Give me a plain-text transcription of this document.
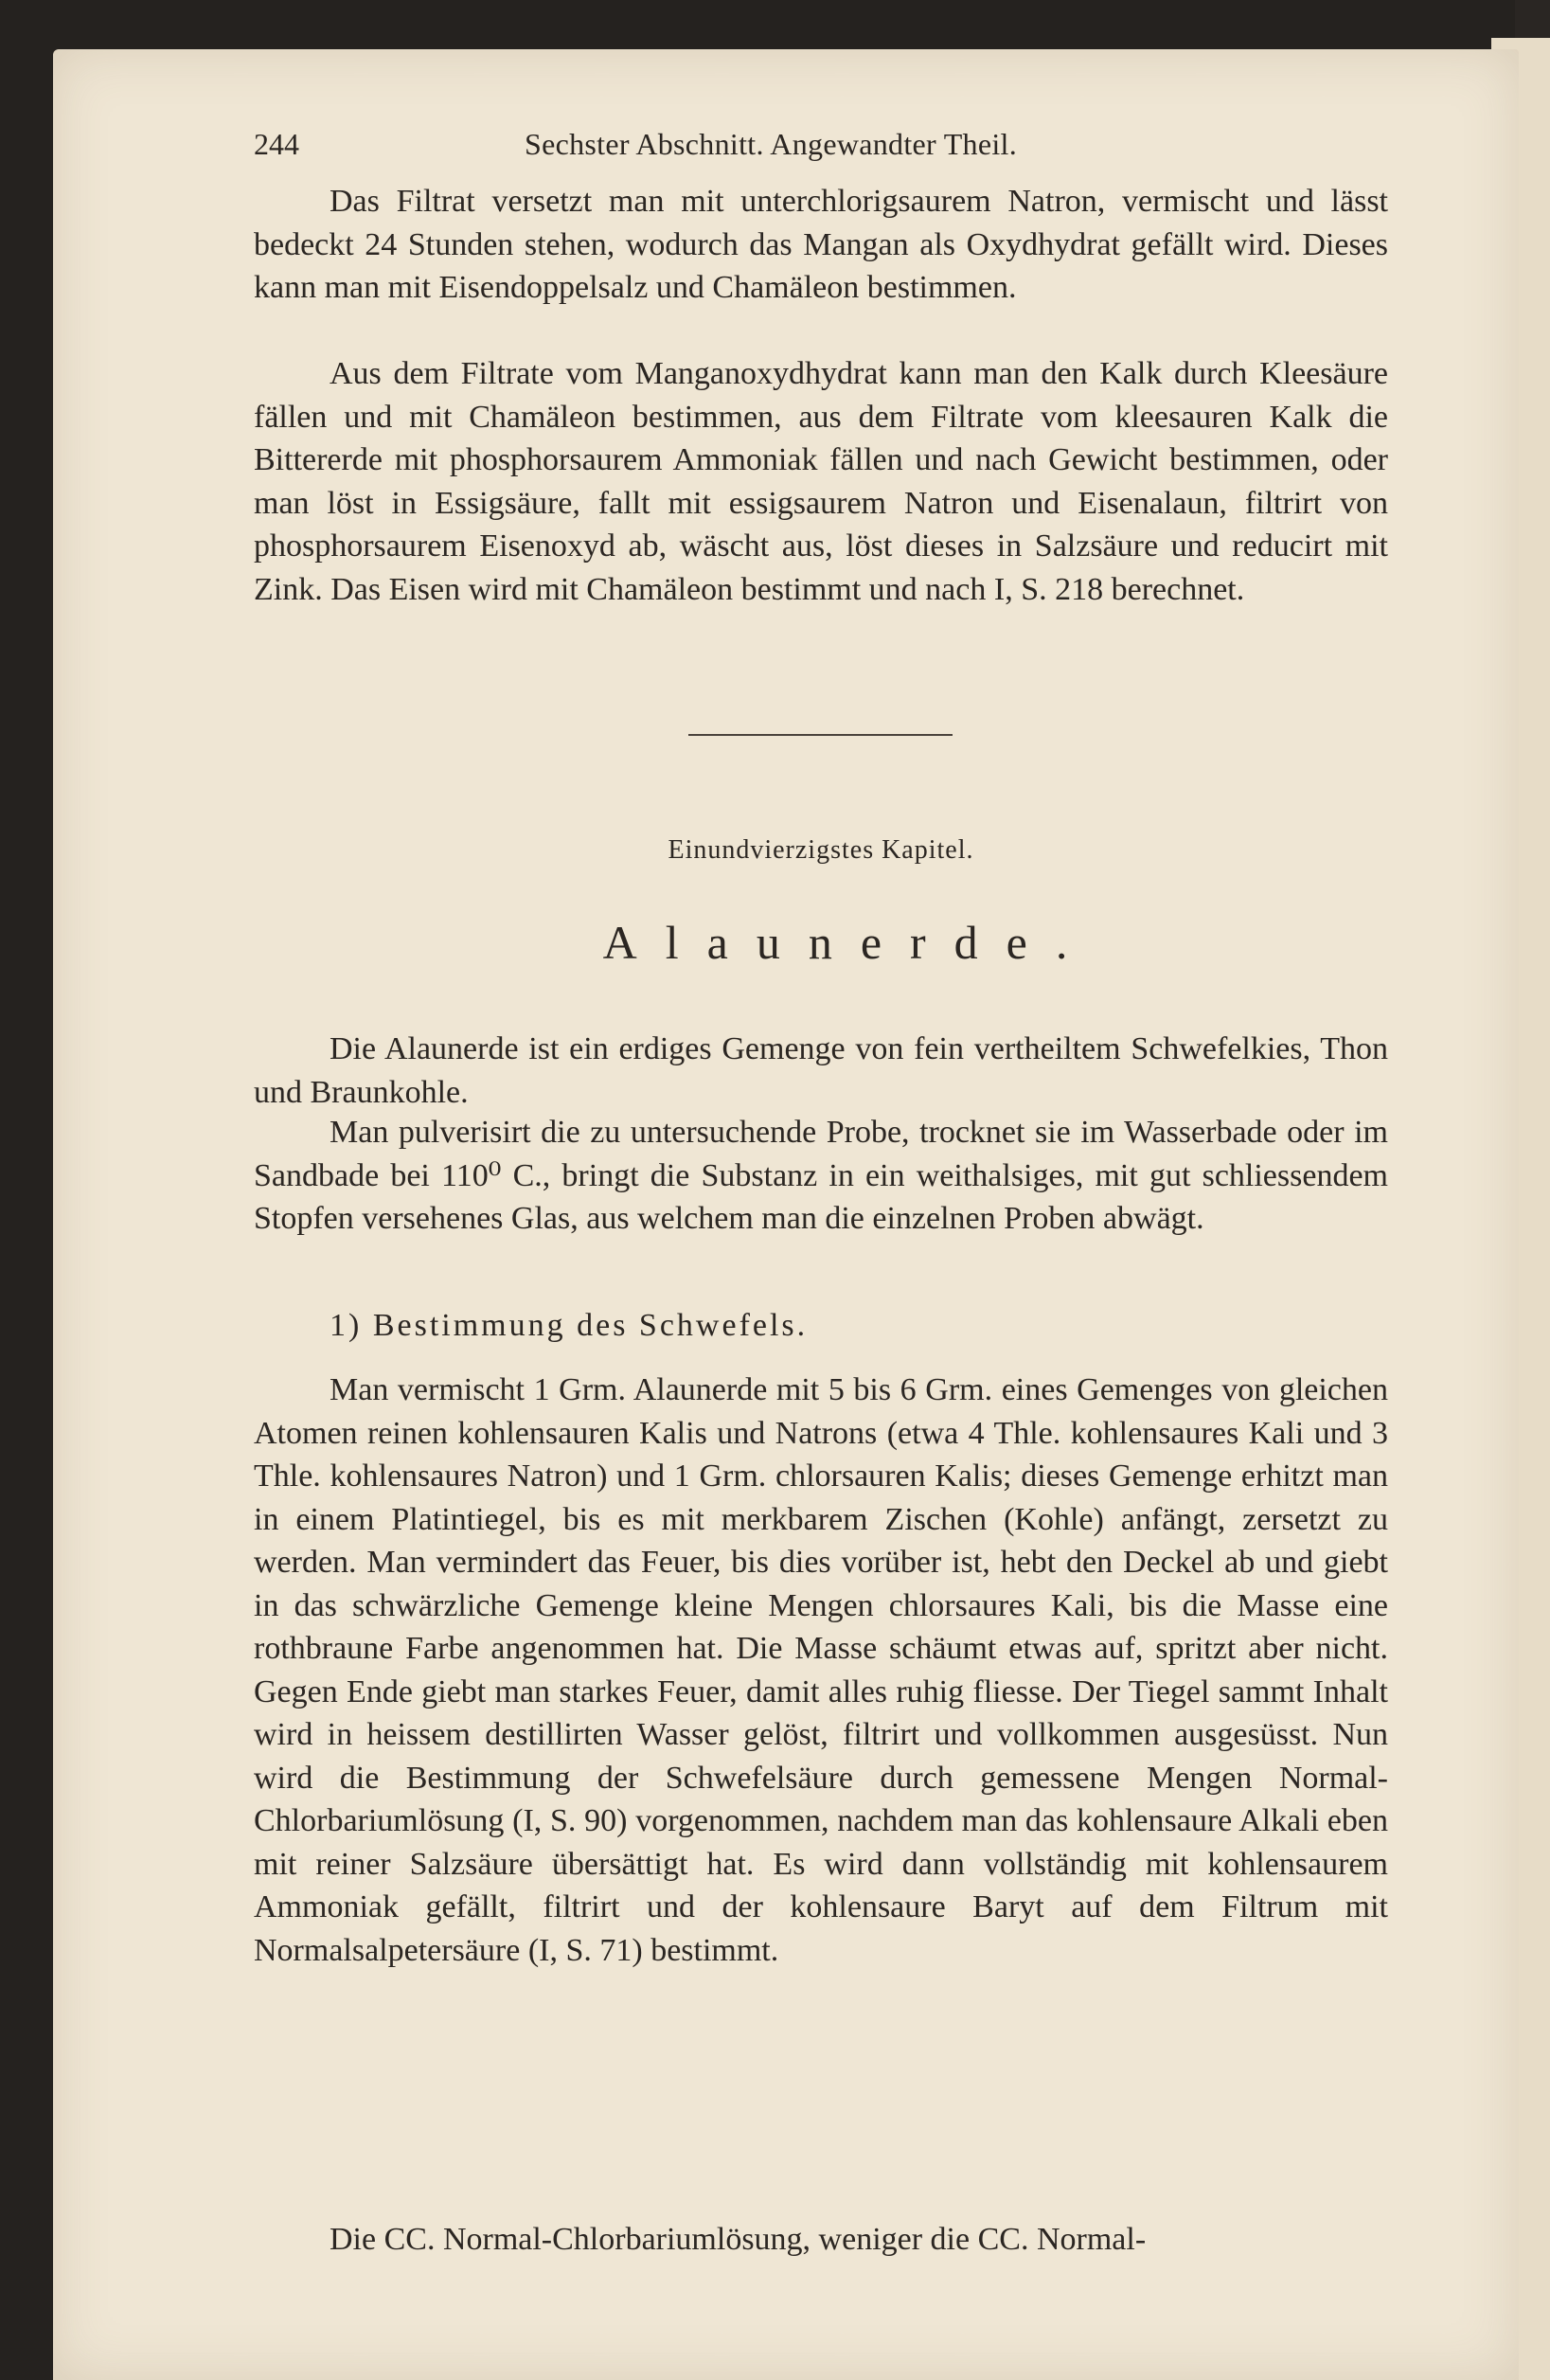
244	Sechster Abschnitt. Angewandter Theil.

Das Filtrat versetzt man mit unterchlorigsaurem Natron, vermischt und lässt bedeckt 24 Stunden stehen, wodurch das Mangan als Oxydhydrat gefällt wird. Dieses kann man mit Eisendoppelsalz und Chamäleon bestimmen.

Aus dem Filtrate vom Manganoxydhydrat kann man den Kalk durch Kleesäure fällen und mit Chamäleon bestimmen, aus dem Filtrate vom kleesauren Kalk die Bittererde mit phosphorsaurem Ammoniak fällen und nach Gewicht bestimmen, oder man löst in Essigsäure, fallt mit essigsaurem Natron und Eisenalaun, filtrirt von phosphorsaurem Eisenoxyd ab, wäscht aus, löst dieses in Salzsäure und reducirt mit Zink. Das Eisen wird mit Chamäleon bestimmt und nach I, S. 218 berechnet.

Einundvierzigstes Kapitel.
Alaunerde.

Die Alaunerde ist ein erdiges Gemenge von fein vertheiltem Schwefelkies, Thon und Braunkohle.

Man pulverisirt die zu untersuchende Probe, trocknet sie im Wasserbade oder im Sandbade bei 110⁰ C., bringt die Substanz in ein weithalsiges, mit gut schliessendem Stopfen versehenes Glas, aus welchem man die einzelnen Proben abwägt.

1) Bestimmung des Schwefels.

Man vermischt 1 Grm. Alaunerde mit 5 bis 6 Grm. eines Gemenges von gleichen Atomen reinen kohlensauren Kalis und Natrons (etwa 4 Thle. kohlensaures Kali und 3 Thle. kohlensaures Natron) und 1 Grm. chlorsauren Kalis; dieses Gemenge erhitzt man in einem Platintiegel, bis es mit merkbarem Zischen (Kohle) anfängt, zersetzt zu werden. Man vermindert das Feuer, bis dies vorüber ist, hebt den Deckel ab und giebt in das schwärzliche Gemenge kleine Mengen chlorsaures Kali, bis die Masse eine rothbraune Farbe angenommen hat. Die Masse schäumt etwas auf, spritzt aber nicht. Gegen Ende giebt man starkes Feuer, damit alles ruhig fliesse. Der Tiegel sammt Inhalt wird in heissem destillirten Wasser gelöst, filtrirt und vollkommen ausgesüsst. Nun wird die Bestimmung der Schwefelsäure durch gemessene Mengen Normal-Chlorbariumlösung (I, S. 90) vorgenommen, nachdem man das kohlensaure Alkali eben mit reiner Salzsäure übersättigt hat. Es wird dann vollständig mit kohlensaurem Ammoniak gefällt, filtrirt und der kohlensaure Baryt auf dem Filtrum mit Normalsalpetersäure (I, S. 71) bestimmt.

Die CC. Normal-Chlorbariumlösung, weniger die CC. Normal-
